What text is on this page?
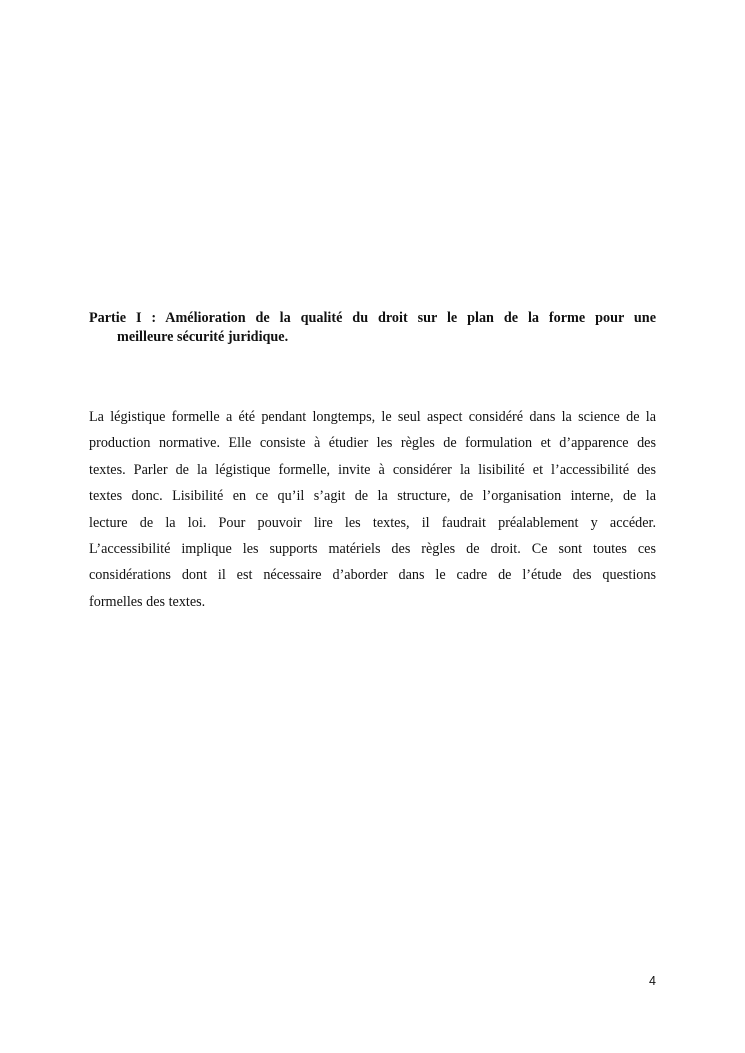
Partie I : Amélioration de la qualité du droit sur le plan de la forme pour une
meilleure sécurité juridique.
La légistique formelle a été pendant longtemps, le seul aspect considéré dans la science de la
production normative. Elle consiste à étudier les règles de formulation et d’apparence des
textes. Parler de la légistique formelle, invite à considérer la lisibilité et l’accessibilité des
textes donc. Lisibilité en ce qu’il s’agit de la structure, de l’organisation interne, de la
lecture de la loi. Pour pouvoir lire les textes, il faudrait préalablement y accéder.
L’accessibilité implique les supports matériels des règles de droit. Ce sont toutes ces
considérations dont il est nécessaire d’aborder dans le cadre de l’étude des questions
formelles des textes.
4
